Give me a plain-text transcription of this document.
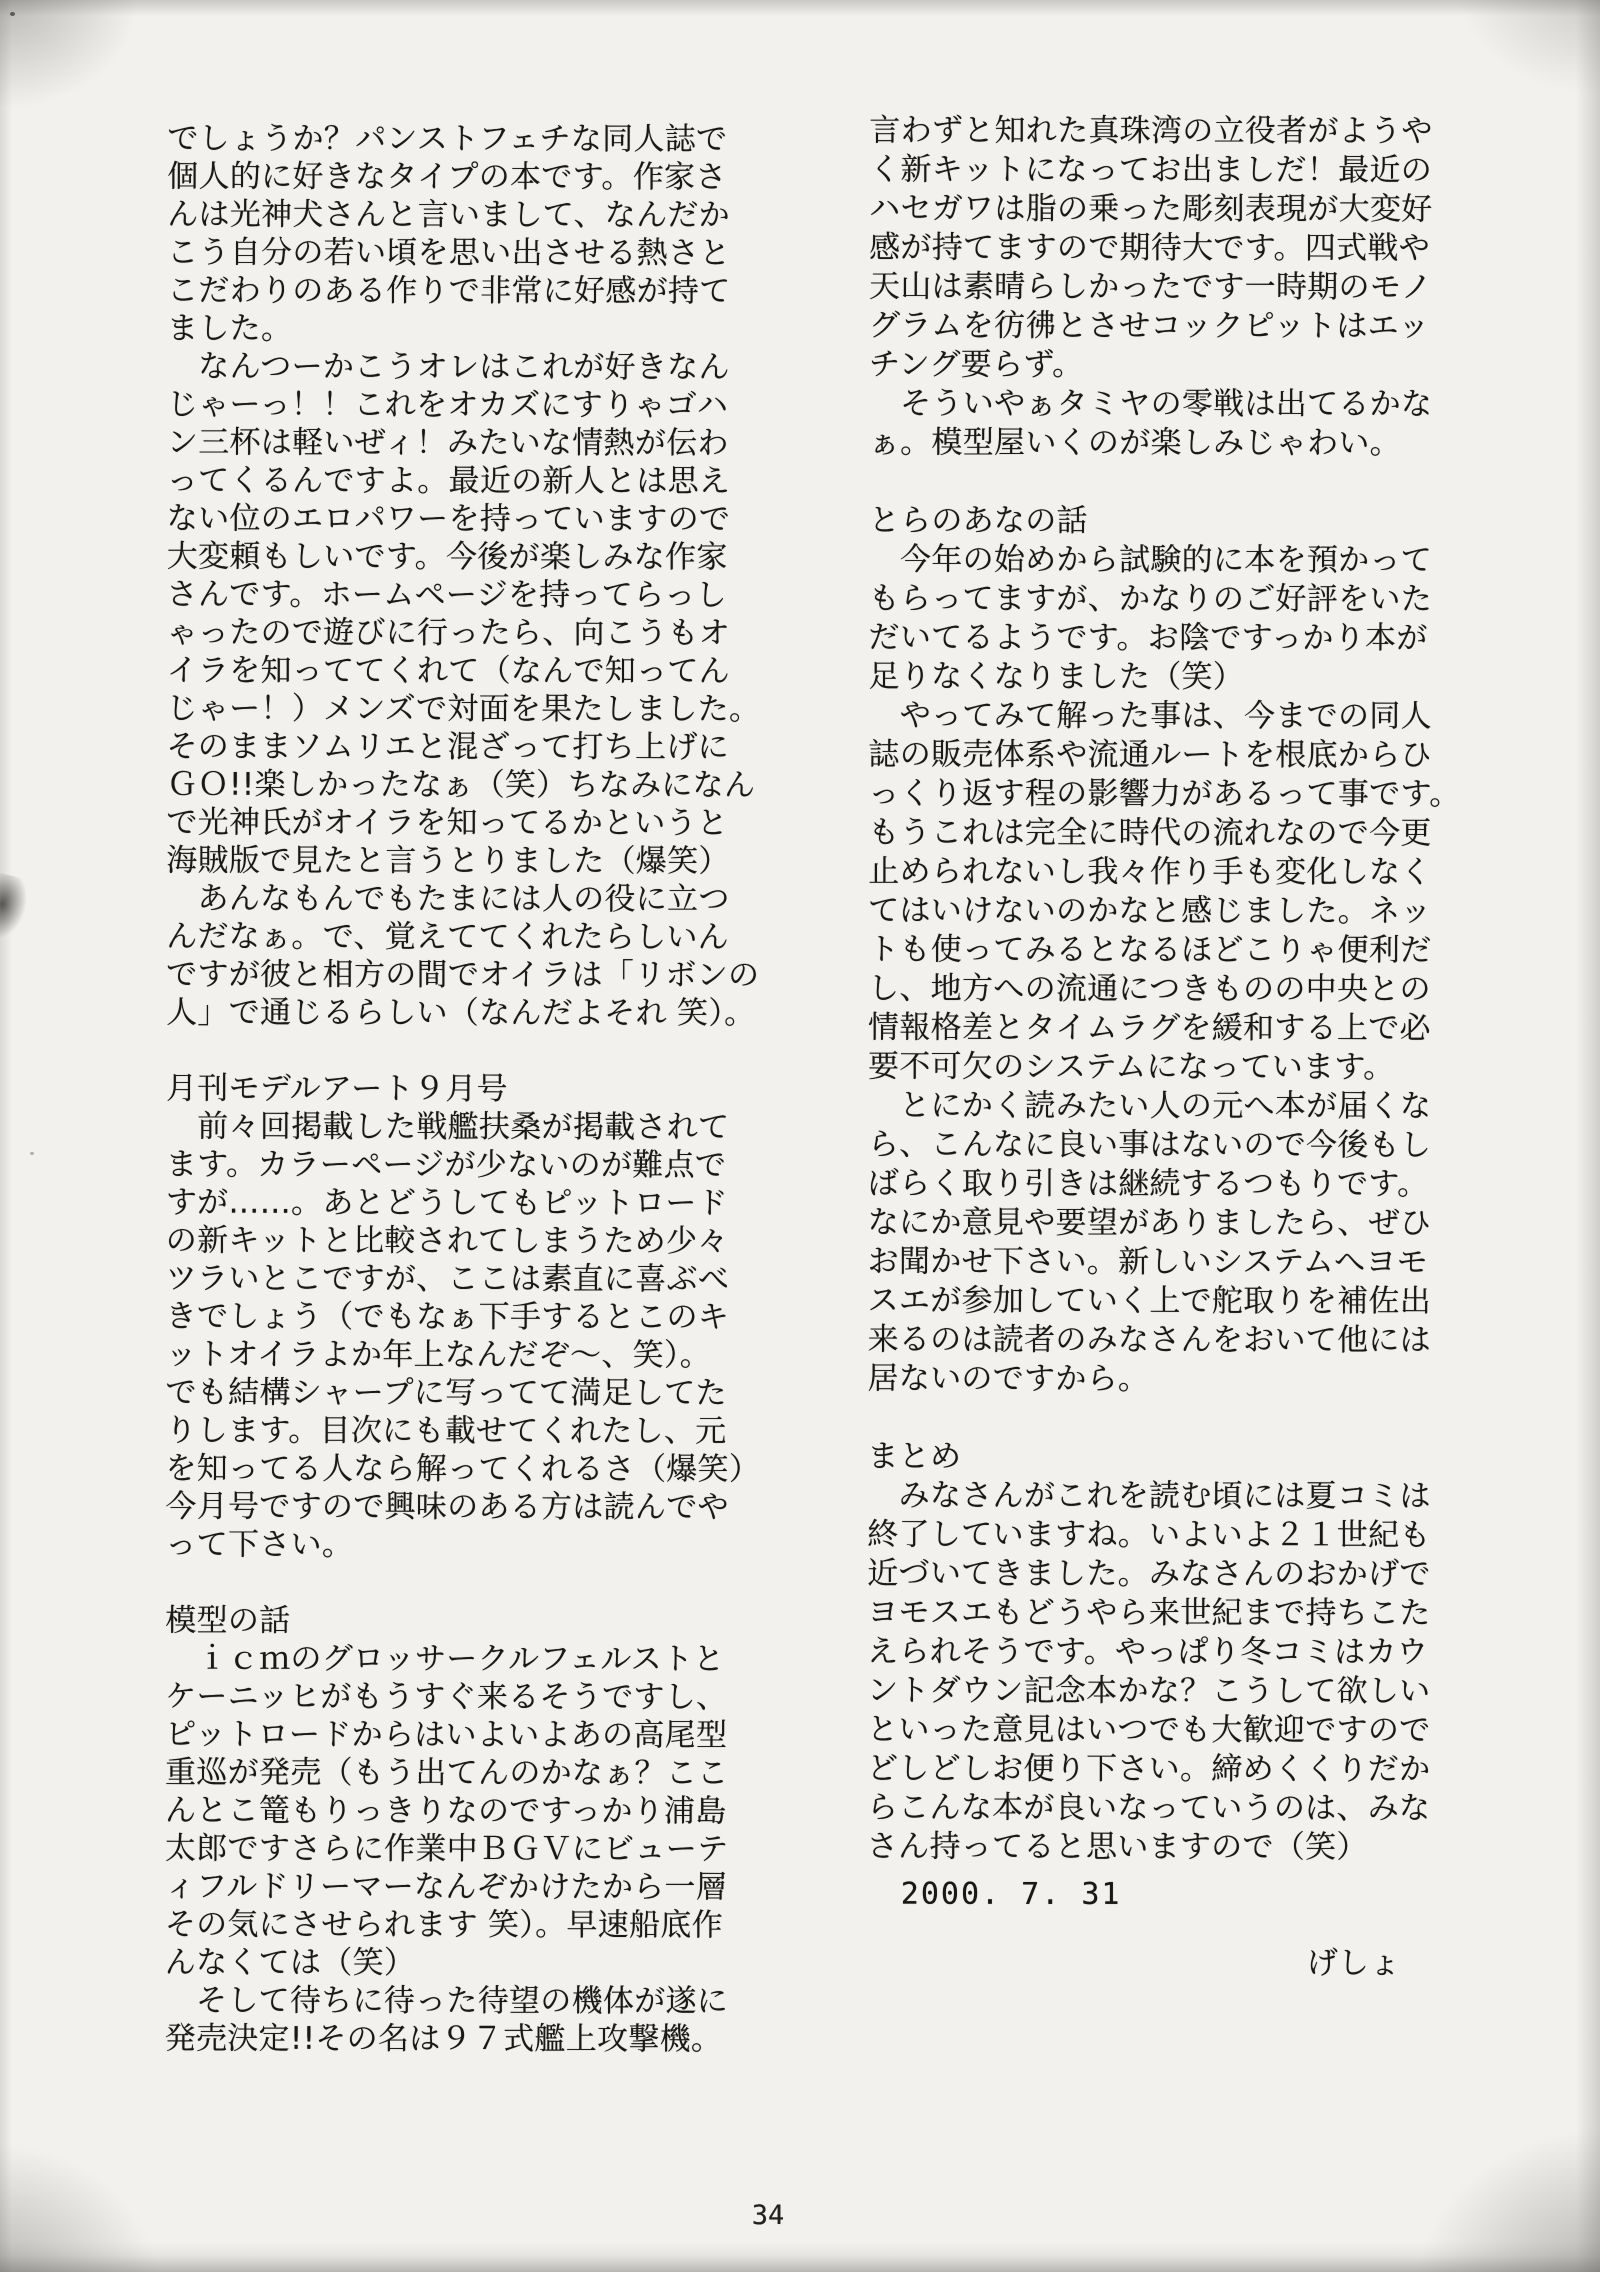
でしょうか？パンストフェチな同人誌で
個人的に好きなタイプの本です。作家さ
んは光神犬さんと言いまして、なんだか
こう自分の若い頃を思い出させる熱さと
こだわりのある作りで非常に好感が持て
ました。
　なんつーかこうオレはこれが好きなん
じゃーっ！！これをオカズにすりゃゴハ
ン三杯は軽いぜィ！みたいな情熱が伝わ
ってくるんですよ。最近の新人とは思え
ない位のエロパワーを持っていますので
大変頼もしいです。今後が楽しみな作家
さんです。ホームページを持ってらっし
ゃったので遊びに行ったら、向こうもオ
イラを知っててくれて（なんで知ってん
じゃー！）メンズで対面を果たしました。
そのままソムリエと混ざって打ち上げに
ＧＯ!!楽しかったなぁ（笑）ちなみになん
で光神氏がオイラを知ってるかというと
海賊版で見たと言うとりました（爆笑）
　あんなもんでもたまには人の役に立つ
んだなぁ。で、覚えててくれたらしいん
ですが彼と相方の間でオイラは「リボンの
人」で通じるらしい（なんだよそれ 笑）。

月刊モデルアート９月号
　前々回掲載した戦艦扶桑が掲載されて
ます。カラーページが少ないのが難点で
すが……。あとどうしてもピットロード
の新キットと比較されてしまうため少々
ツラいとこですが、ここは素直に喜ぶべ
きでしょう（でもなぁ下手するとこのキ
ットオイラよか年上なんだぞ～、笑）。
でも結構シャープに写ってて満足してた
りします。目次にも載せてくれたし、元
を知ってる人なら解ってくれるさ（爆笑）
今月号ですので興味のある方は読んでや
って下さい。

模型の話
　ｉｃｍのグロッサークルフェルストと
ケーニッヒがもうすぐ来るそうですし、
ピットロードからはいよいよあの高尾型
重巡が発売（もう出てんのかなぁ？ここ
んとこ篭もりっきりなのですっかり浦島
太郎ですさらに作業中ＢＧＶにビューテ
ィフルドリーマーなんぞかけたから一層
その気にさせられます 笑）。早速船底作
んなくては（笑）
　そして待ちに待った待望の機体が遂に
発売決定!!その名は９７式艦上攻撃機。
言わずと知れた真珠湾の立役者がようや
く新キットになってお出ましだ！最近の
ハセガワは脂の乗った彫刻表現が大変好
感が持てますので期待大です。四式戦や
天山は素晴らしかったです一時期のモノ
グラムを彷彿とさせコックピットはエッ
チング要らず。
　そういやぁタミヤの零戦は出てるかな
ぁ。模型屋いくのが楽しみじゃわい。

とらのあなの話
　今年の始めから試験的に本を預かって
もらってますが、かなりのご好評をいた
だいてるようです。お陰ですっかり本が
足りなくなりました（笑）
　やってみて解った事は、今までの同人
誌の販売体系や流通ルートを根底からひ
っくり返す程の影響力があるって事です。
もうこれは完全に時代の流れなので今更
止められないし我々作り手も変化しなく
てはいけないのかなと感じました。ネッ
トも使ってみるとなるほどこりゃ便利だ
し、地方への流通につきものの中央との
情報格差とタイムラグを緩和する上で必
要不可欠のシステムになっています。
　とにかく読みたい人の元へ本が届くな
ら、こんなに良い事はないので今後もし
ばらく取り引きは継続するつもりです。
なにか意見や要望がありましたら、ぜひ
お聞かせ下さい。新しいシステムへヨモ
スエが参加していく上で舵取りを補佐出
来るのは読者のみなさんをおいて他には
居ないのですから。

まとめ
　みなさんがこれを読む頃には夏コミは
終了していますね。いよいよ２１世紀も
近づいてきました。みなさんのおかげで
ヨモスエもどうやら来世紀まで持ちこた
えられそうです。やっぱり冬コミはカウ
ントダウン記念本かな？こうして欲しい
といった意見はいつでも大歓迎ですので
どしどしお便り下さい。締めくくりだか
らこんな本が良いなっていうのは、みな
さん持ってると思いますので（笑）
2000. 7. 31
げしょ
34
